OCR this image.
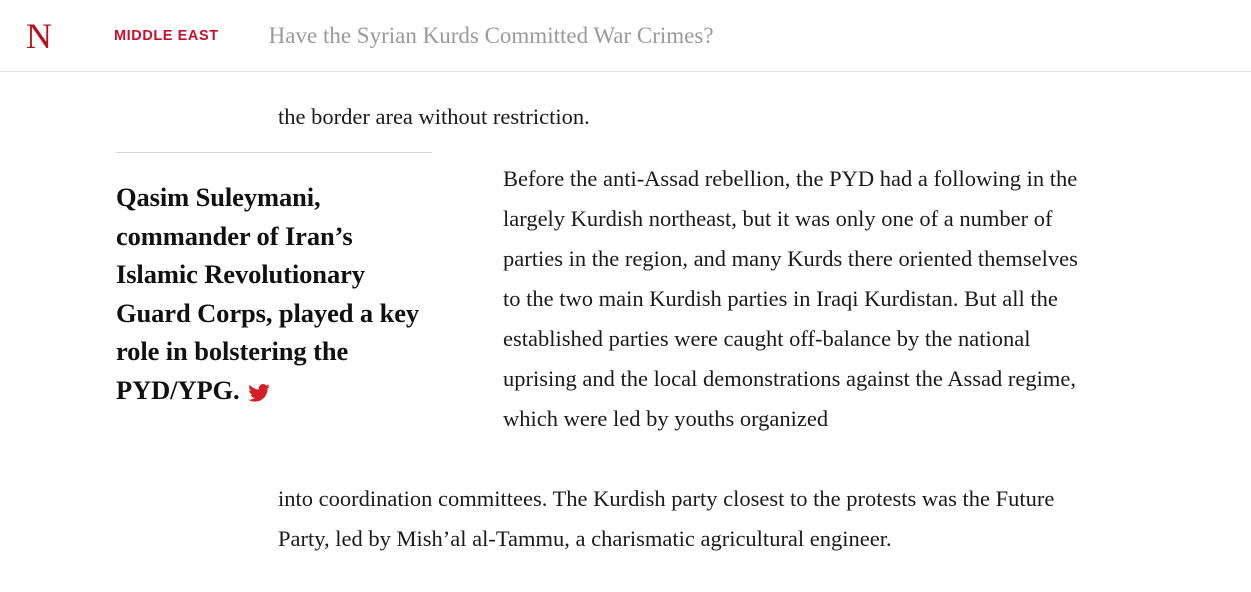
N	MIDDLE EAST Have the Syrian Kurds Committed War Crimes?

the border area without restriction.

Qasim Suleymani, commander of Iran’s Islamic Revolutionary Guard Corps, played a key role in bolstering the PYD/YPG.

Before the anti-Assad rebellion, the PYD had a following in the largely Kurdish northeast, but it was only one of a number of parties in the region, and many Kurds there oriented themselves to the two main Kurdish parties in Iraqi Kurdistan. But all the established parties were caught off-balance by the national uprising and the local demonstrations against the Assad regime, which were led by youths organized

into coordination committees. The Kurdish party closest to the protests was the Future Party, led by Mish’al al-Tammu, a charismatic agricultural engineer.
